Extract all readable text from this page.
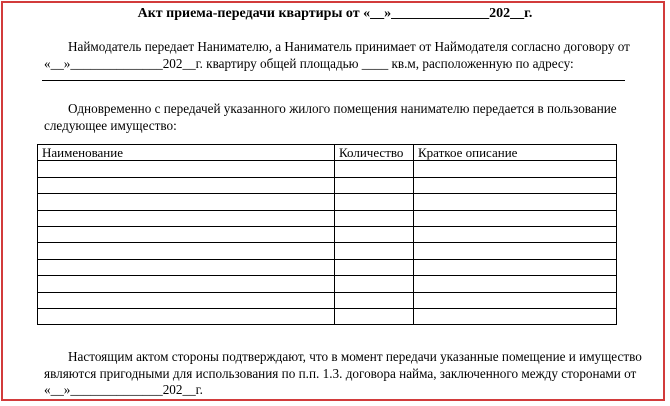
Акт приема-передачи квартиры от «__»______________202__г.
Наймодатель передает Нанимателю, а Наниматель принимает от Наймодателя согласно договору от
«__»______________202__г. квартиру общей площадью ____ кв.м, расположенную по адресу:
Одновременно с передачей указанного жилого помещения нанимателю передается в пользование
следующее имущество:
Наименование	Количество	Краткое описание

Настоящим актом стороны подтверждают, что в момент передачи указанные помещение и имущество
являются пригодными для использования по п.п. 1.3. договора найма, заключенного между сторонами от
«__»______________202__г.
